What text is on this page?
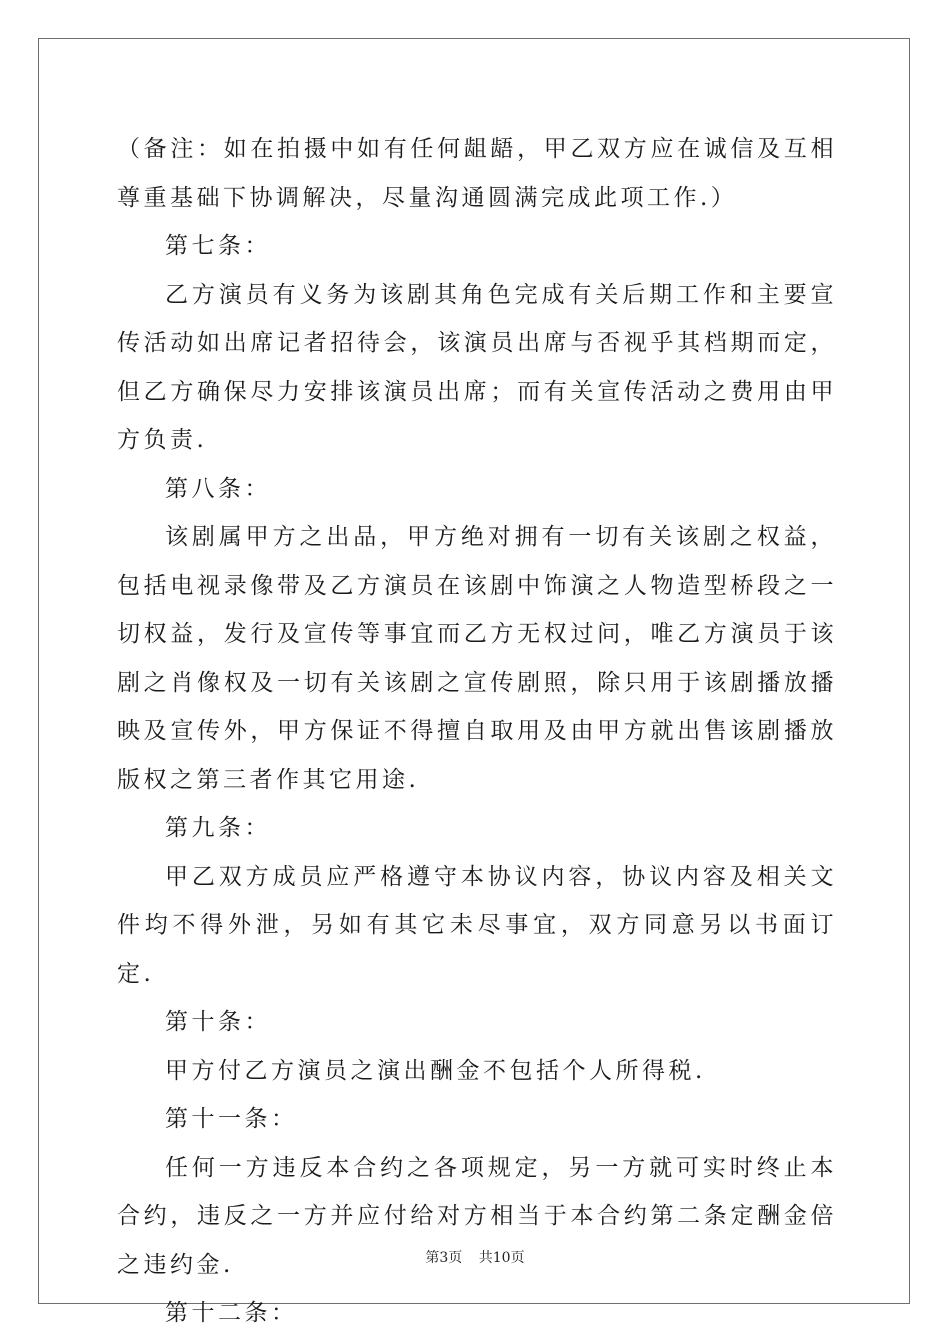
（备注：如在拍摄中如有任何龃龉，甲乙双方应在诚信及互相尊重基础下协调解决，尽量沟通圆满完成此项工作.）

第七条：

乙方演员有义务为该剧其角色完成有关后期工作和主要宣传活动如出席记者招待会，该演员出席与否视乎其档期而定，但乙方确保尽力安排该演员出席；而有关宣传活动之费用由甲方负责.

第八条：

该剧属甲方之出品，甲方绝对拥有一切有关该剧之权益，包括电视录像带及乙方演员在该剧中饰演之人物造型桥段之一切权益，发行及宣传等事宜而乙方无权过问，唯乙方演员于该剧之肖像权及一切有关该剧之宣传剧照，除只用于该剧播放播映及宣传外，甲方保证不得擅自取用及由甲方就出售该剧播放版权之第三者作其它用途.

第九条：

甲乙双方成员应严格遵守本协议内容，协议内容及相关文件均不得外泄，另如有其它未尽事宜，双方同意另以书面订定.

第十条：

甲方付乙方演员之演出酬金不包括个人所得税.

第十一条：

任何一方违反本合约之各项规定，另一方就可实时终止本合约，违反之一方并应付给对方相当于本合约第二条定酬金倍之违约金.

第十二条：

第3页 共10页
